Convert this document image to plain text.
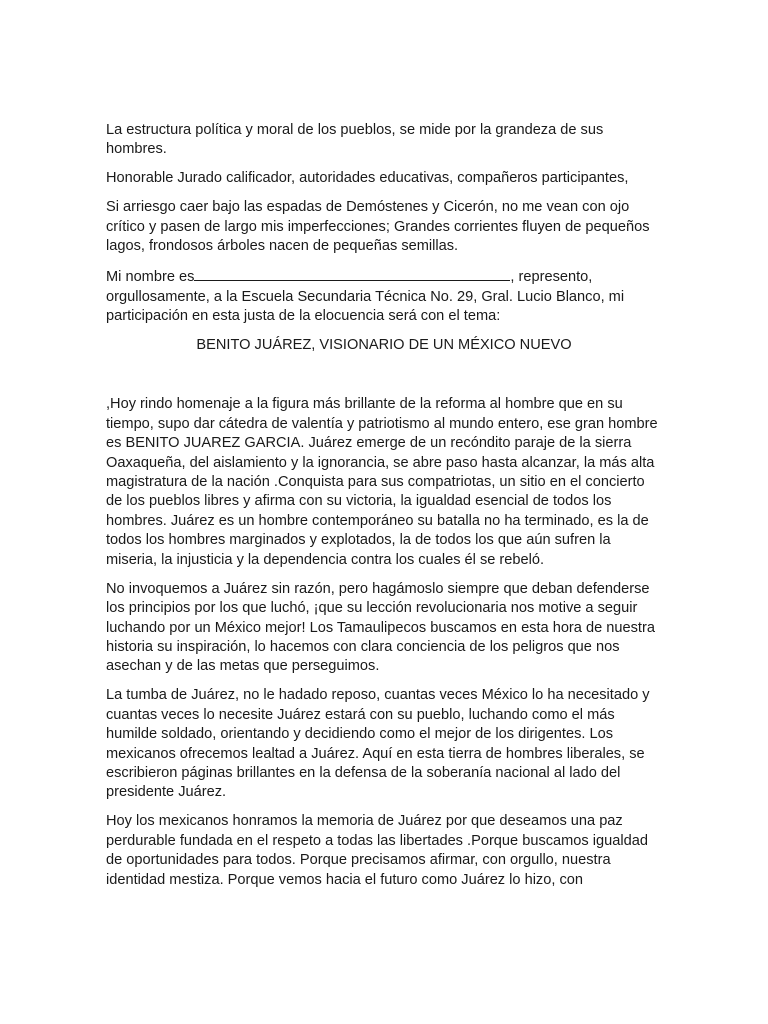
La estructura política y moral de los pueblos, se mide por la grandeza de sus hombres.

Honorable Jurado calificador, autoridades educativas, compañeros participantes,

Si arriesgo caer bajo las espadas de Demóstenes y Cicerón, no me vean con ojo crítico y pasen de largo mis imperfecciones; Grandes corrientes fluyen de pequeños lagos, frondosos árboles nacen de pequeñas semillas.

Mi nombre es	, represento, orgullosamente, a la Escuela Secundaria Técnica No. 29, Gral. Lucio Blanco, mi participación en esta justa de la elocuencia será con el tema:

BENITO JUÁREZ, VISIONARIO DE UN MÉXICO NUEVO

,Hoy rindo homenaje a la figura más brillante de la reforma al hombre que en su tiempo, supo dar cátedra de valentía y patriotismo al mundo entero, ese gran hombre es BENITO JUAREZ GARCIA. Juárez emerge de un recóndito paraje de la sierra Oaxaqueña, del aislamiento y la ignorancia, se abre paso hasta alcanzar, la más alta magistratura de la nación .Conquista para sus compatriotas, un sitio en el concierto de los pueblos libres y afirma con su victoria, la igualdad esencial de todos los hombres. Juárez es un hombre contemporáneo su batalla no ha terminado, es la de todos los hombres marginados y explotados, la de todos los que aún sufren la miseria, la injusticia y la dependencia contra los cuales él se rebeló.

No invoquemos a Juárez sin razón, pero hagámoslo siempre que deban defenderse los principios por los que luchó, ¡que su lección revolucionaria nos motive a seguir luchando por un México mejor! Los Tamaulipecos buscamos en esta hora de nuestra historia su inspiración, lo hacemos con clara conciencia de los peligros que nos asechan y de las metas que perseguimos.

La tumba de Juárez, no le hadado reposo, cuantas veces México lo ha necesitado y cuantas veces lo necesite Juárez estará con su pueblo, luchando como el más humilde soldado, orientando y decidiendo como el mejor de los dirigentes. Los mexicanos ofrecemos lealtad a Juárez. Aquí en esta tierra de hombres liberales, se escribieron páginas brillantes en la defensa de la soberanía nacional al lado del presidente Juárez.

Hoy los mexicanos honramos la memoria de Juárez por que deseamos una paz perdurable fundada en el respeto a todas las libertades .Porque buscamos igualdad de oportunidades para todos. Porque precisamos afirmar, con orgullo, nuestra identidad mestiza. Porque vemos hacia el futuro como Juárez lo hizo, con
